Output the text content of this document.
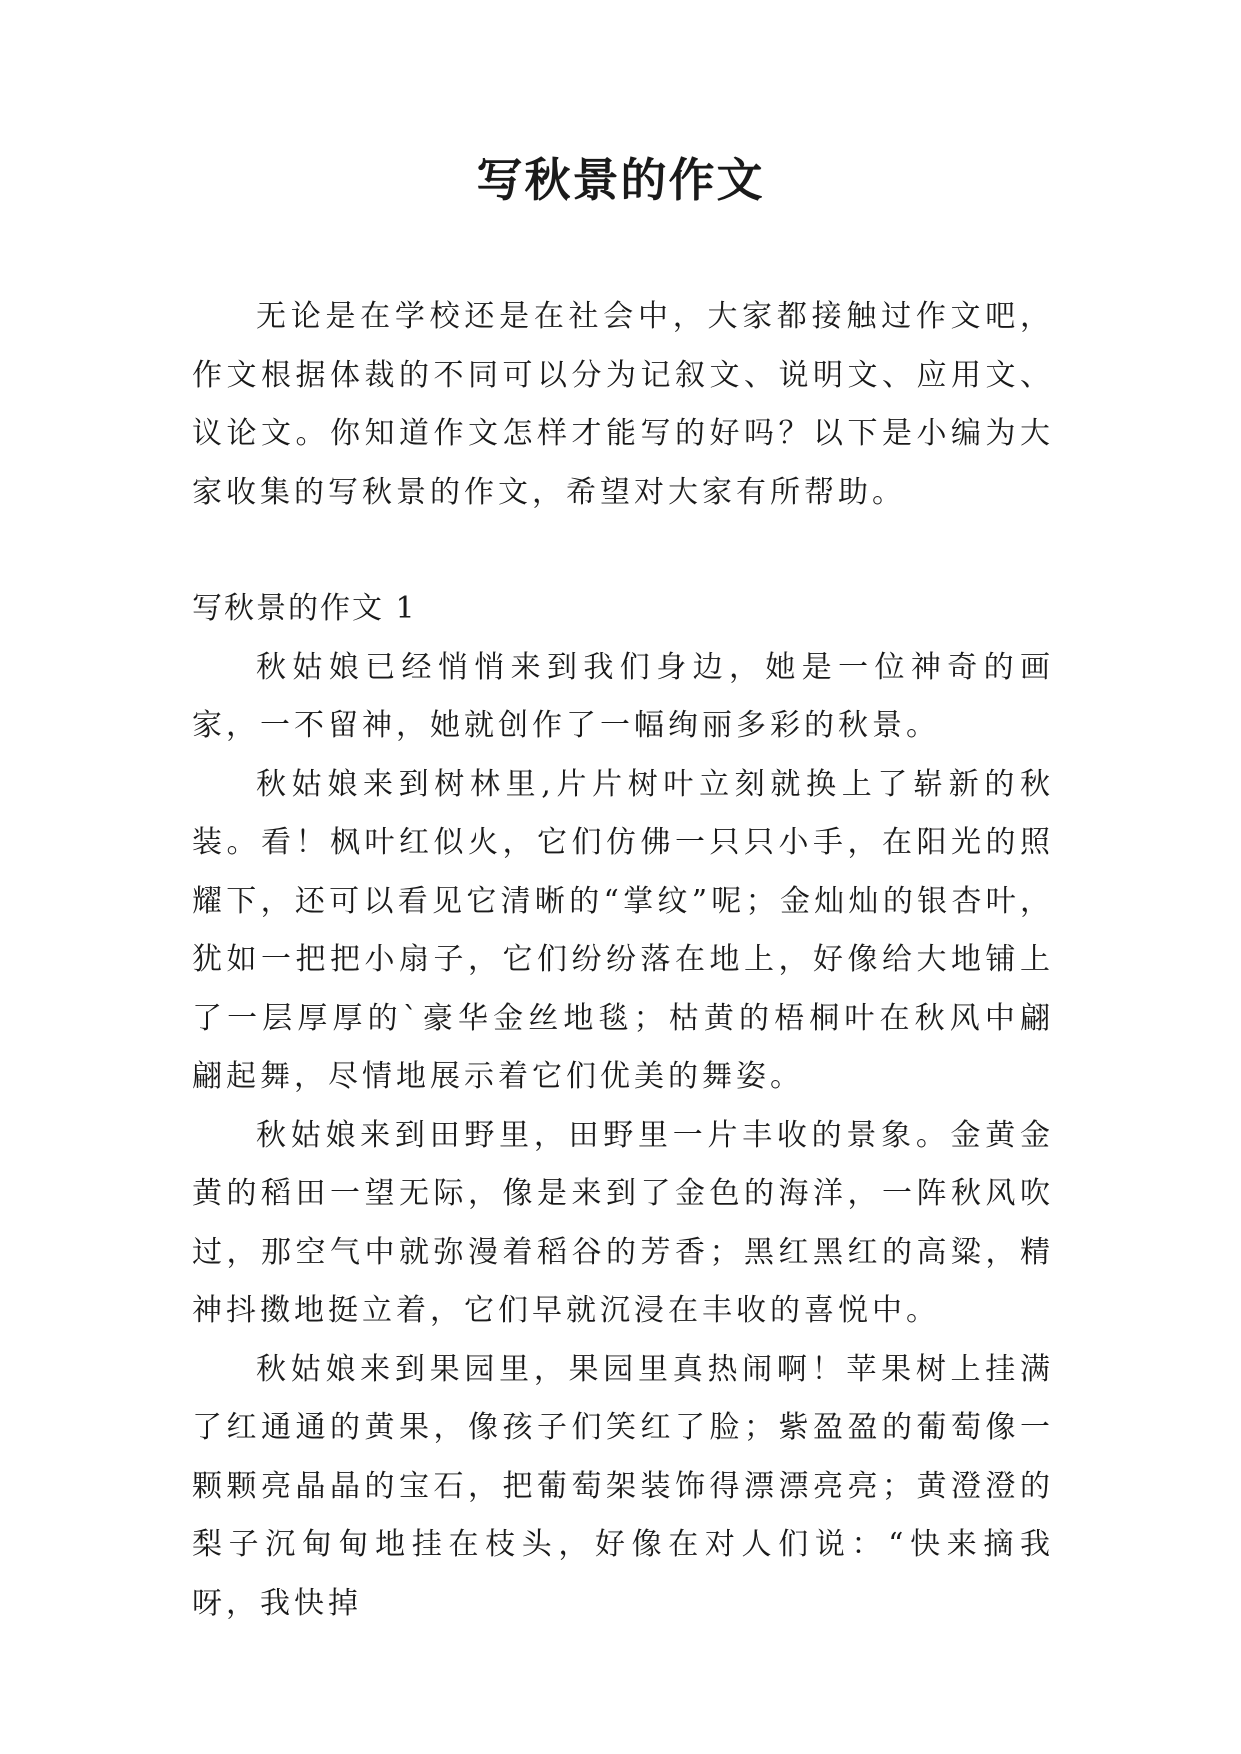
写秋景的作文

无论是在学校还是在社会中，大家都接触过作文吧，作文根据体裁的不同可以分为记叙文、说明文、应用文、议论文。你知道作文怎样才能写的好吗？以下是小编为大家收集的写秋景的作文，希望对大家有所帮助。

写秋景的作文 1

秋姑娘已经悄悄来到我们身边，她是一位神奇的画家，一不留神，她就创作了一幅绚丽多彩的秋景。

秋姑娘来到树林里,片片树叶立刻就换上了崭新的秋装。看！枫叶红似火，它们仿佛一只只小手，在阳光的照耀下，还可以看见它清晰的“掌纹”呢；金灿灿的银杏叶，犹如一把把小扇子，它们纷纷落在地上，好像给大地铺上了一层厚厚的`豪华金丝地毯；枯黄的梧桐叶在秋风中翩翩起舞，尽情地展示着它们优美的舞姿。

秋姑娘来到田野里，田野里一片丰收的景象。金黄金黄的稻田一望无际，像是来到了金色的海洋，一阵秋风吹过，那空气中就弥漫着稻谷的芳香；黑红黑红的高粱，精神抖擞地挺立着，它们早就沉浸在丰收的喜悦中。

秋姑娘来到果园里，果园里真热闹啊！苹果树上挂满了红通通的黄果，像孩子们笑红了脸；紫盈盈的葡萄像一颗颗亮晶晶的宝石，把葡萄架装饰得漂漂亮亮；黄澄澄的梨子沉甸甸地挂在枝头，好像在对人们说：“快来摘我呀，我快掉
